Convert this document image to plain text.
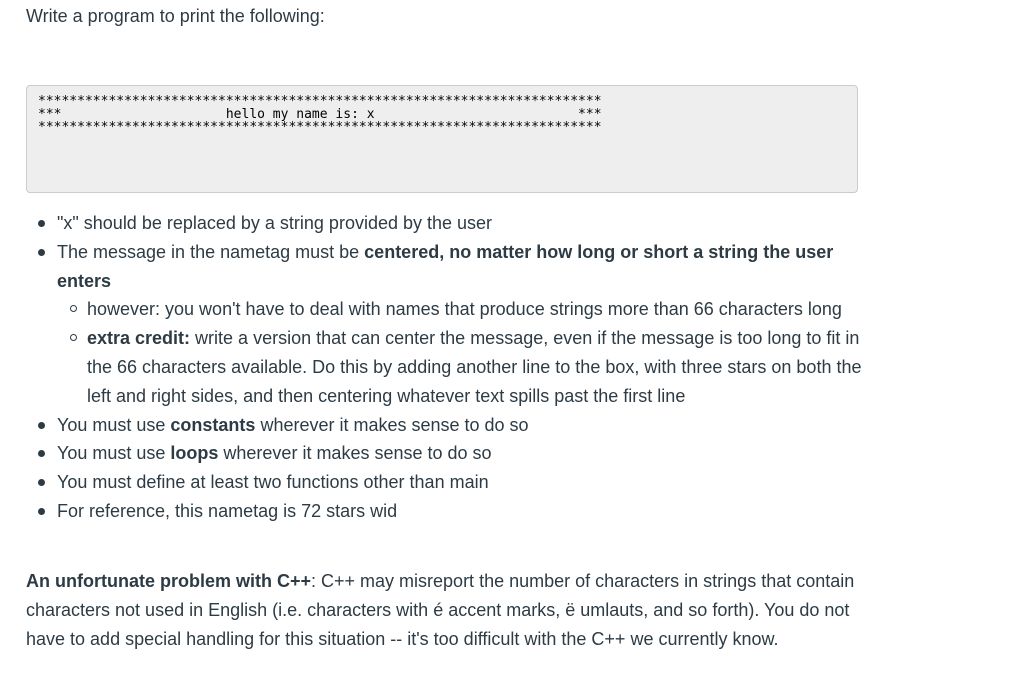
Write a program to print the following:

************************************************************************
***                     hello my name is: x                          ***
************************************************************************
"x" should be replaced by a string provided by the user
The message in the nametag must be centered, no matter how long or short a string the user
enters
however: you won't have to deal with names that produce strings more than 66 characters long
extra credit: write a version that can center the message, even if the message is too long to fit in the 66 characters available. Do this by adding another line to the box, with three stars on both the left and right sides, and then centering whatever text spills past the first line
You must use constants wherever it makes sense to do so
You must use loops wherever it makes sense to do so
You must define at least two functions other than main
For reference, this nametag is 72 stars wid

An unfortunate problem with C++: C++ may misreport the number of characters in strings that contain characters not used in English (i.e. characters with é accent marks, ë umlauts, and so forth). You do not have to add special handling for this situation -- it's too difficult with the C++ we currently know.
